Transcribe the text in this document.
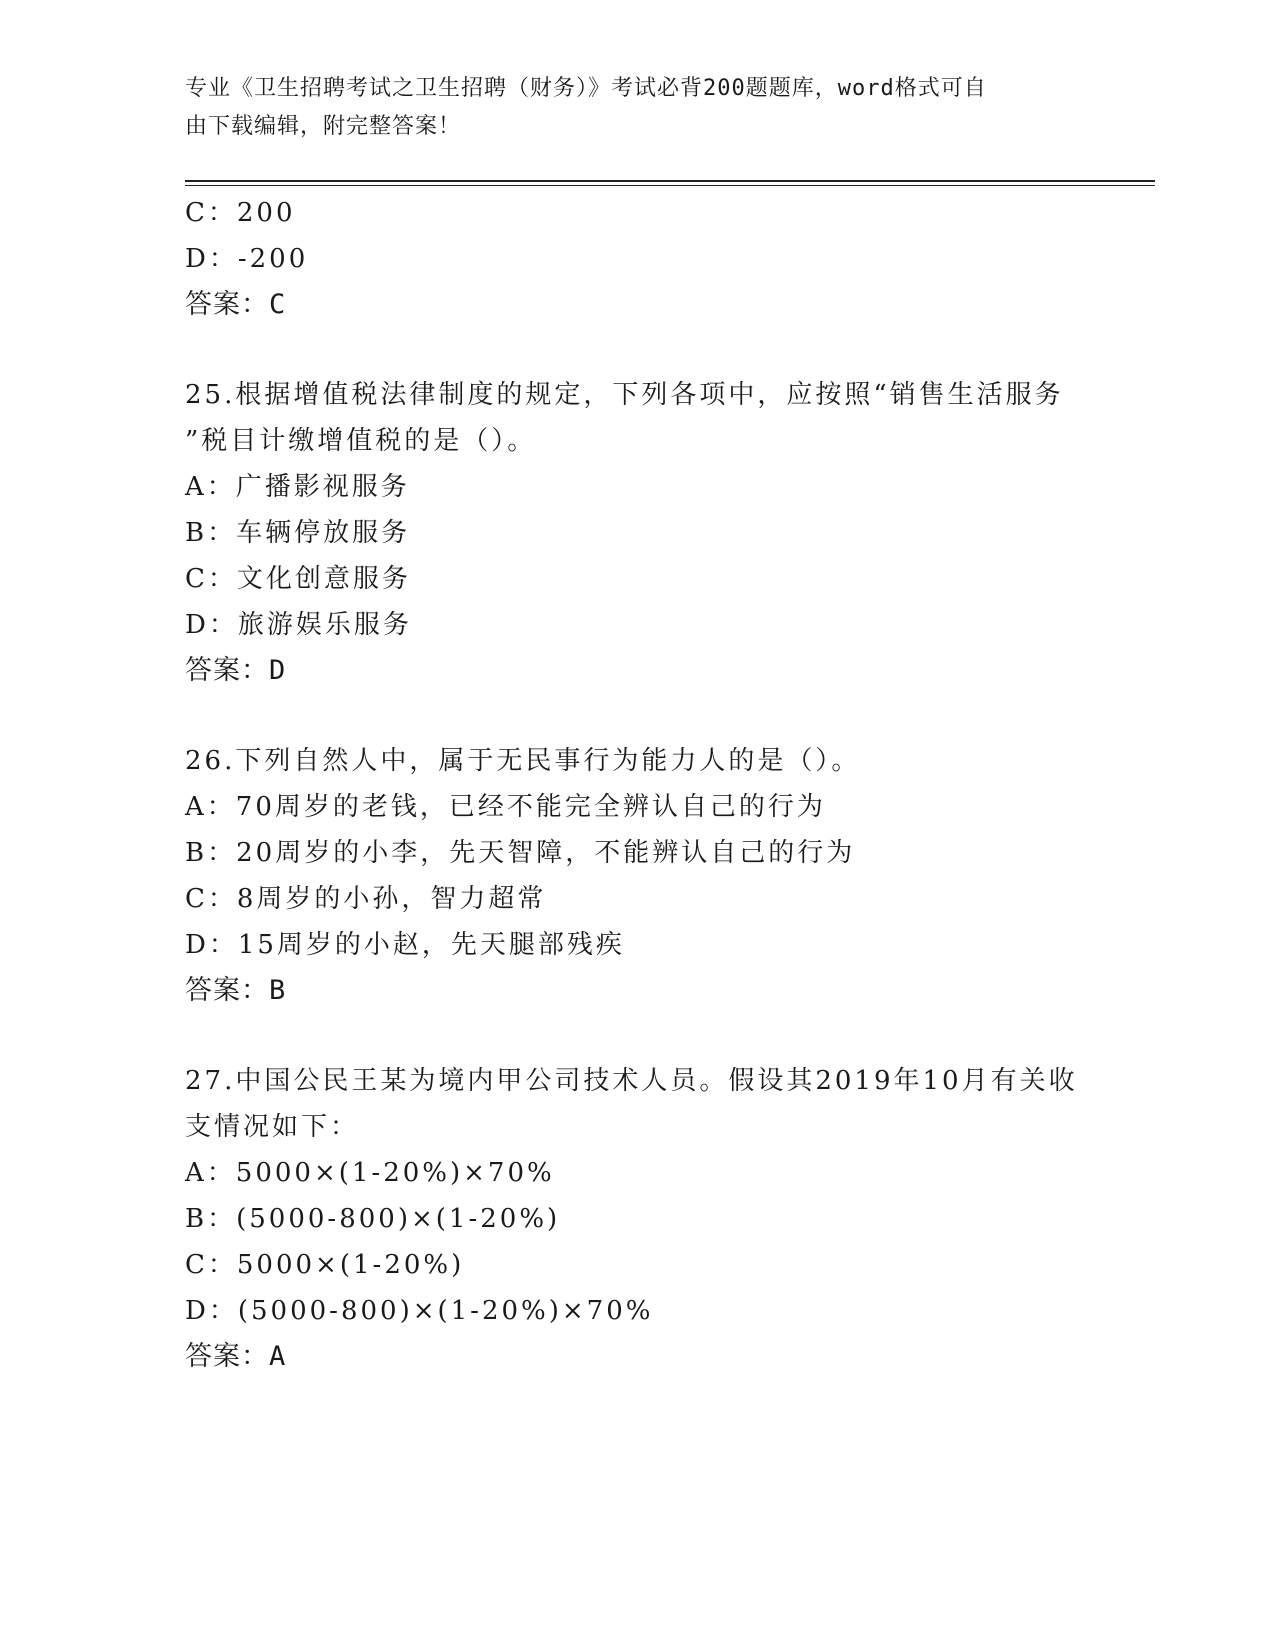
专业《卫生招聘考试之卫生招聘（财务）》考试必背200题题库，word格式可自
由下载编辑，附完整答案！
C：200
D：-200
答案：C
25.根据增值税法律制度的规定，下列各项中，应按照“销售生活服务
”税目计缴增值税的是（）。
A：广播影视服务
B：车辆停放服务
C：文化创意服务
D：旅游娱乐服务
答案：D
26.下列自然人中，属于无民事行为能力人的是（）。
A：70周岁的老钱，已经不能完全辨认自己的行为
B：20周岁的小李，先天智障，不能辨认自己的行为
C：8周岁的小孙，智力超常
D：15周岁的小赵，先天腿部残疾
答案：B
27.中国公民王某为境内甲公司技术人员。假设其2019年10月有关收
支情况如下：
A：5000×(1-20%)×70%
B：(5000-800)×(1-20%)
C：5000×(1-20%)
D：(5000-800)×(1-20%)×70%
答案：A
